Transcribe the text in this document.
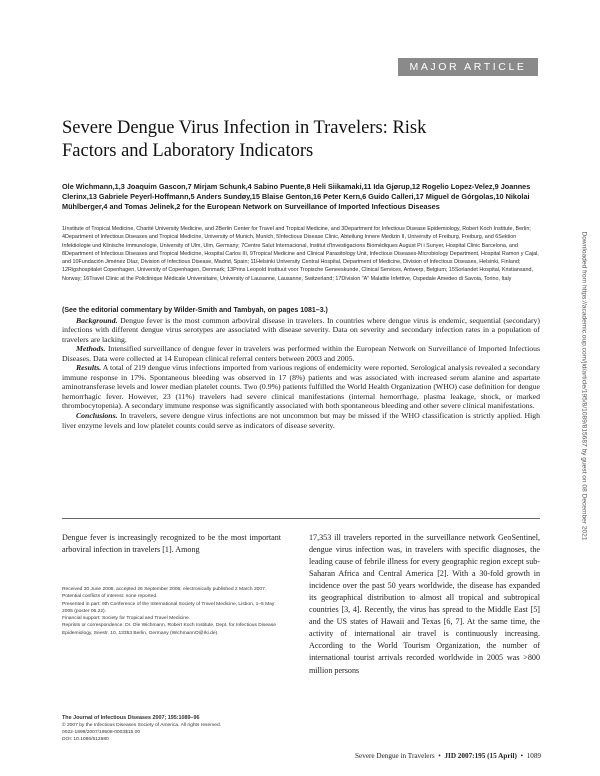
MAJOR ARTICLE
Severe Dengue Virus Infection in Travelers: Risk Factors and Laboratory Indicators
Ole Wichmann,1,3 Joaquim Gascon,7 Mirjam Schunk,4 Sabino Puente,8 Heli Siikamaki,11 Ida Gjørup,12 Rogelio Lopez-Velez,9 Joannes Clerinx,13 Gabriele Peyerl-Hoffmann,5 Anders Sundøy,15 Blaise Genton,16 Peter Kern,6 Guido Calleri,17 Miguel de Górgolas,10 Nikolai Mühlberger,4 and Tomas Jelinek,2 for the European Network on Surveillance of Imported Infectious Diseases
1Institute of Tropical Medicine, Charité University Medicine, and 2Berlin Center for Travel and Tropical Medicine, and 3Department for Infectious Disease Epidemiology, Robert Koch Institute, Berlin; 4Department of Infectious Diseases and Tropical Medicine, University of Munich, Munich, 5Infectious Disease Clinic, Abteilung Innere Medizin II, University of Freiburg, Freiburg, and 6Sektion Infektiologie und Klinische Immunologie, University of Ulm, Ulm, Germany; 7Centre Salut Internacional, Institut d'Investigacions Biomèdiques August Pi i Sunyer, Hospital Clinic Barcelona, and 8Department of Infectious Diseases and Tropical Medicine, Hospital Carlos III, 9Tropical Medicine and Clinical Parasitology Unit, Infectious Diseases-Microbiology Department, Hospital Ramon y Cajal, and 10Fundación Jiménez Díaz, Division of Infectious Disease, Madrid, Spain; 11Helsinki University Central Hospital, Department of Medicine, Division of Infectious Diseases, Helsinki, Finland; 12Rigshospitalet Copenhagen, University of Copenhagen, Denmark; 13Prins Leopold Instituut voor Tropische Geneeskunde, Clinical Services, Antwerp, Belgium; 15Sorlandet Hospital, Kristiansand, Norway; 16Travel Clinic at the Policlinique Médicale Universitaire, University of Lausanne, Lausanne, Switzerland; 17Division "A" Malattie Infettive, Ospedale Amedeo di Savoia, Torino, Italy

(See the editorial commentary by Wilder-Smith and Tambyah, on pages 1081–3.)

Background. Dengue fever is the most common arboviral disease in travelers. In countries where dengue virus is endemic, sequential (secondary) infections with different dengue virus serotypes are associated with disease severity. Data on severity and secondary infection rates in a population of travelers are lacking.

Methods. Intensified surveillance of dengue fever in travelers was performed within the European Network on Surveillance of Imported Infectious Diseases. Data were collected at 14 European clinical referral centers between 2003 and 2005.

Results. A total of 219 dengue virus infections imported from various regions of endemicity were reported. Serological analysis revealed a secondary immune response in 17%. Spontaneous bleeding was observed in 17 (8%) patients and was associated with increased serum alanine and aspartate aminotransferase levels and lower median platelet counts. Two (0.9%) patients fulfilled the World Health Organization (WHO) case definition for dengue hemorrhagic fever. However, 23 (11%) travelers had severe clinical manifestations (internal hemorrhage, plasma leakage, shock, or marked thrombocytopenia). A secondary immune response was significantly associated with both spontaneous bleeding and other severe clinical manifestations.

Conclusions. In travelers, severe dengue virus infections are not uncommon but may be missed if the WHO classification is strictly applied. High liver enzyme levels and low platelet counts could serve as indicators of disease severity.

Dengue fever is increasingly recognized to be the most important arboviral infection in travelers [1]. Among

Received 30 June 2006; accepted 26 September 2006; electronically published 2 March 2007.

Potential conflicts of interest: none reported.

Presented in part: 9th Conference of the International Society of Travel Medicine, Lisbon, 1–5 May 2005 (poster 06.22).

Financial support: Society for Tropical and Travel Medicine.

Reprints or correspondence: Dr. Ole Wichmann, Robert Koch Institute, Dept. for Infectious Disease Epidemiology, Seestr. 10, 13353 Berlin, Germany (WichmannO@rki.de).

The Journal of Infectious Diseases 2007; 195:1089–96
© 2007 by the Infectious Diseases Society of America. All rights reserved.
0022-1899/2007/19508-0003$15.00
DOI: 10.1086/512680

17,353 ill travelers reported in the surveillance network GeoSentinel, dengue virus infection was, in travelers with specific diagnoses, the leading cause of febrile illness for every geographic region except sub-Saharan Africa and Central America [2]. With a 30-fold growth in incidence over the past 50 years worldwide, the disease has expanded its geographical distribution to almost all tropical and subtropical countries [3, 4]. Recently, the virus has spread to the Middle East [5] and the US states of Hawaii and Texas [6, 7]. At the same time, the activity of international air travel is continuously increasing. According to the World Tourism Organization, the number of international tourist arrivals recorded worldwide in 2005 was >800 million persons

Severe Dengue in Travelers  •  JID 2007:195 (15 April)  •  1089
Downloaded from https://academic.oup.com/jid/article/195/8/1089/815687 by guest on 08 December 2021
